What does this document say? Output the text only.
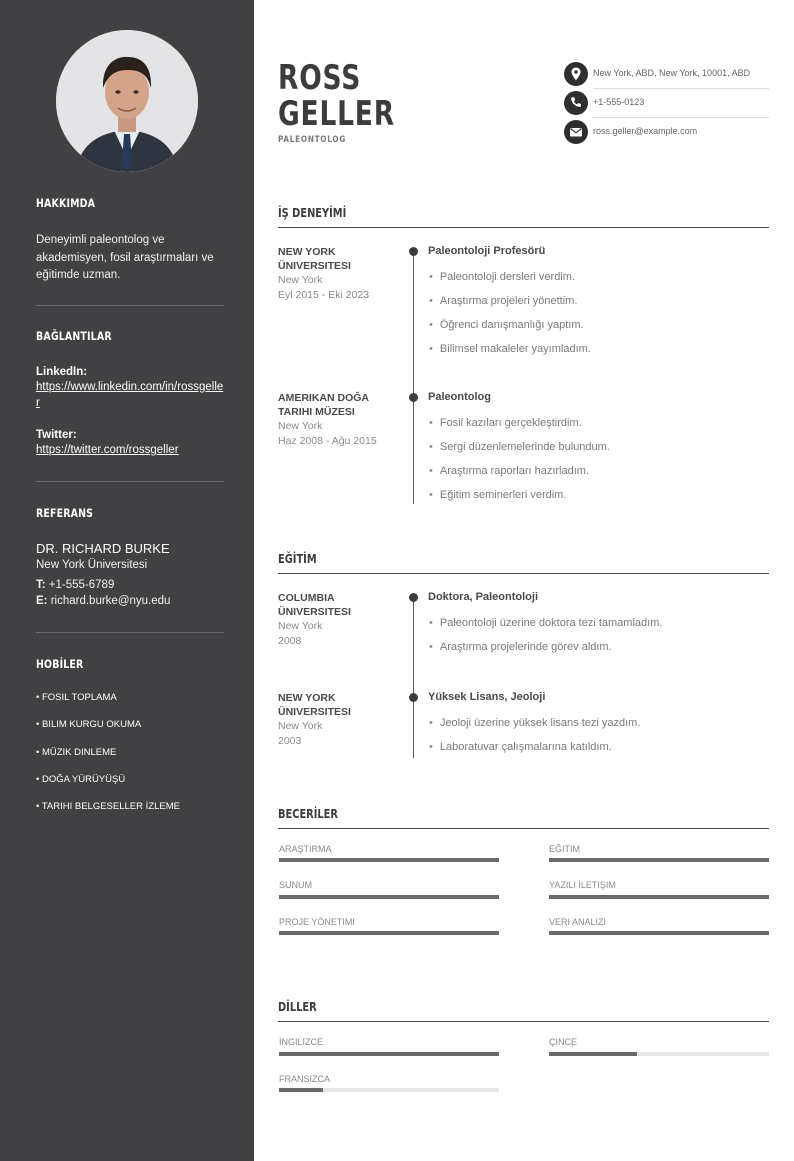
HAKKIMDA
Deneyimli paleontolog ve akademisyen, fosil araştırmaları ve eğitimde uzman.
BAĞLANTILAR
LinkedIn:
https://www.linkedin.com/in/rossgeller
Twitter:
https://twitter.com/rossgeller
REFERANS
DR. RICHARD BURKE
New York Üniversitesi
T: +1-555-6789
E: richard.burke@nyu.edu
HOBİLER
• FOSIL TOPLAMA
• BILIM KURGU OKUMA
• MÜZIK DINLEME
• DOĞA YÜRÜYÜŞÜ
• TARIHI BELGESELLER İZLEME
ROSS
GELLER
PALEONTOLOG
New York, ABD, New York, 10001, ABD
+1-555-0123
ross.geller@example.com
İŞ DENEYİMİ
NEW YORK ÜNIVERSITESI
New York
Eyl 2015 - Eki 2023
Paleontoloji Profesörü
• Paleontoloji dersleri verdim.
• Araştırma projeleri yönettim.
• Öğrenci danışmanlığı yaptım.
• Bilimsel makaleler yayımladım.
AMERIKAN DOĞA TARIHI MÜZESI
New York
Haz 2008 - Ağu 2015
Paleontolog
• Fosil kazıları gerçekleştirdim.
• Sergi düzenlemelerinde bulundum.
• Araştırma raporları hazırladım.
• Eğitim seminerleri verdim.
EĞİTİM
COLUMBIA ÜNIVERSITESI
New York
2008
Doktora, Paleontoloji
• Paleontoloji üzerine doktora tezi tamamladım.
• Araştırma projelerinde görev aldım.
NEW YORK ÜNIVERSITESI
New York
2003
Yüksek Lisans, Jeoloji
• Jeoloji üzerine yüksek lisans tezi yazdım.
• Laboratuvar çalışmalarına katıldım.
BECERİLER
ARAŞTIRMA	EĞITIM
SUNUM	YAZILI İLETIŞIM
PROJE YÖNETIMI	VERI ANALIZI
DİLLER
İNGILIZCE	ÇINCE
FRANSIZCA
